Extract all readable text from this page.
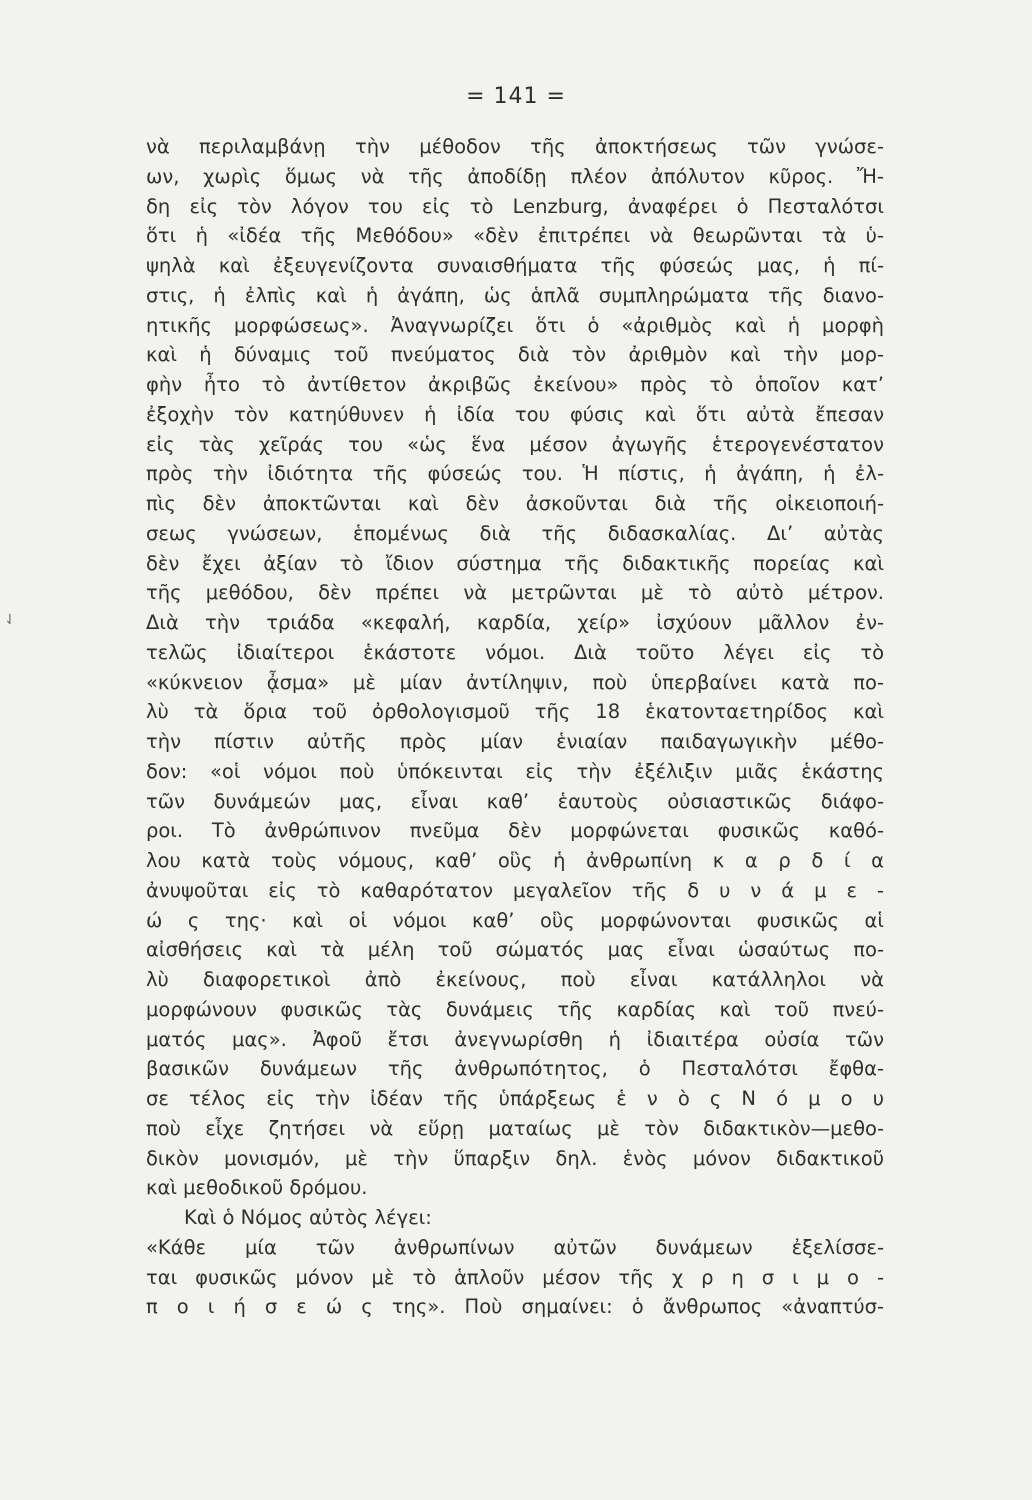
= 141 =
⇃
νὰ περιλαμβάνῃ τὴν μέθοδον τῆς ἀποκτήσεως τῶν γνώσε-
ων, χωρὶς ὅμως νὰ τῆς ἀποδίδῃ πλέον ἀπόλυτον κῦρος. Ἤ-
δη εἰς τὸν λόγον του εἰς τὸ Lenzburg, ἀναφέρει ὁ Πεσταλότσι
ὅτι ἡ «ἰδέα τῆς Μεθόδου» «δὲν ἐπιτρέπει νὰ θεωρῶνται τὰ ὑ-
ψηλὰ καὶ ἐξευγενίζοντα συναισθήματα τῆς φύσεώς μας, ἡ πί-
στις, ἡ ἐλπὶς καὶ ἡ ἀγάπη, ὡς ἁπλᾶ συμπληρώματα τῆς διανο-
ητικῆς μορφώσεως». Ἀναγνωρίζει ὅτι ὁ «ἀριθμὸς καὶ ἡ μορφὴ
καὶ ἡ δύναμις τοῦ πνεύματος διὰ τὸν ἀριθμὸν καὶ τὴν μορ-
φὴν ἦτο τὸ ἀντίθετον ἀκριβῶς ἐκείνου» πρὸς τὸ ὁποῖον κατ’
ἐξοχὴν τὸν κατηύθυνεν ἡ ἰδία του φύσις καὶ ὅτι αὐτὰ ἔπεσαν
εἰς τὰς χεῖράς του «ὡς ἕνα μέσον ἀγωγῆς ἑτερογενέστατον
πρὸς τὴν ἰδιότητα τῆς φύσεώς του. Ἡ πίστις, ἡ ἀγάπη, ἡ ἐλ-
πὶς δὲν ἀποκτῶνται καὶ δὲν ἀσκοῦνται διὰ τῆς οἰκειοποιή-
σεως γνώσεων, ἑπομένως διὰ τῆς διδασκαλίας. Δι’ αὐτὰς
δὲν ἔχει ἀξίαν τὸ ἴδιον σύστημα τῆς διδακτικῆς πορείας καὶ
τῆς μεθόδου, δὲν πρέπει νὰ μετρῶνται μὲ τὸ αὐτὸ μέτρον.
Διὰ τὴν τριάδα «κεφαλή, καρδία, χείρ» ἰσχύουν μᾶλλον ἐν-
τελῶς ἰδιαίτεροι ἑκάστοτε νόμοι. Διὰ τοῦτο λέγει εἰς τὸ
«κύκνειον ᾆσμα» μὲ μίαν ἀντίληψιν, ποὺ ὑπερβαίνει κατὰ πο-
λὺ τὰ ὅρια τοῦ ὀρθολογισμοῦ τῆς 18 ἑκατονταετηρίδος καὶ
τὴν πίστιν αὐτῆς πρὸς μίαν ἑνιαίαν παιδαγωγικὴν μέθο-
δον: «οἱ νόμοι ποὺ ὑπόκεινται εἰς τὴν ἐξέλιξιν μιᾶς ἑκάστης
τῶν δυνάμεών μας, εἶναι καθ’ ἑαυτοὺς οὐσιαστικῶς διάφο-
ροι. Τὸ ἀνθρώπινον πνεῦμα δὲν μορφώνεται φυσικῶς καθό-
λου κατὰ τοὺς νόμους, καθ’ οὓς ἡ ἀνθρωπίνη κ α ρ δ ί α
ἀνυψοῦται εἰς τὸ καθαρότατον μεγαλεῖον τῆς δ υ ν ά μ ε -
ώ ς της· καὶ οἱ νόμοι καθ’ οὓς μορφώνονται φυσικῶς αἱ
αἰσθήσεις καὶ τὰ μέλη τοῦ σώματός μας εἶναι ὡσαύτως πο-
λὺ διαφορετικοὶ ἀπὸ ἐκείνους, ποὺ εἶναι κατάλληλοι νὰ
μορφώνουν φυσικῶς τὰς δυνάμεις τῆς καρδίας καὶ τοῦ πνεύ-
ματός μας». Ἀφοῦ ἔτσι ἀνεγνωρίσθη ἡ ἰδιαιτέρα οὐσία τῶν
βασικῶν δυνάμεων τῆς ἀνθρωπότητος, ὁ Πεσταλότσι ἔφθα-
σε τέλος εἰς τὴν ἰδέαν τῆς ὑπάρξεως ἑ ν ὸ ς Ν ό μ ο υ
ποὺ εἶχε ζητήσει νὰ εὕρῃ ματαίως μὲ τὸν διδακτικὸν—μεθο-
δικὸν μονισμόν, μὲ τὴν ὕπαρξιν δηλ. ἑνὸς μόνον διδακτικοῦ
καὶ μεθοδικοῦ δρόμου.
Καὶ ὁ Νόμος αὐτὸς λέγει:
«Κάθε μία τῶν ἀνθρωπίνων αὐτῶν δυνάμεων ἐξελίσσε-
ται φυσικῶς μόνον μὲ τὸ ἁπλοῦν μέσον τῆς χ ρ η σ ι μ ο -
π ο ι ή σ ε ώ ς της». Ποὺ σημαίνει: ὁ ἄνθρωπος «ἀναπτύσ-
